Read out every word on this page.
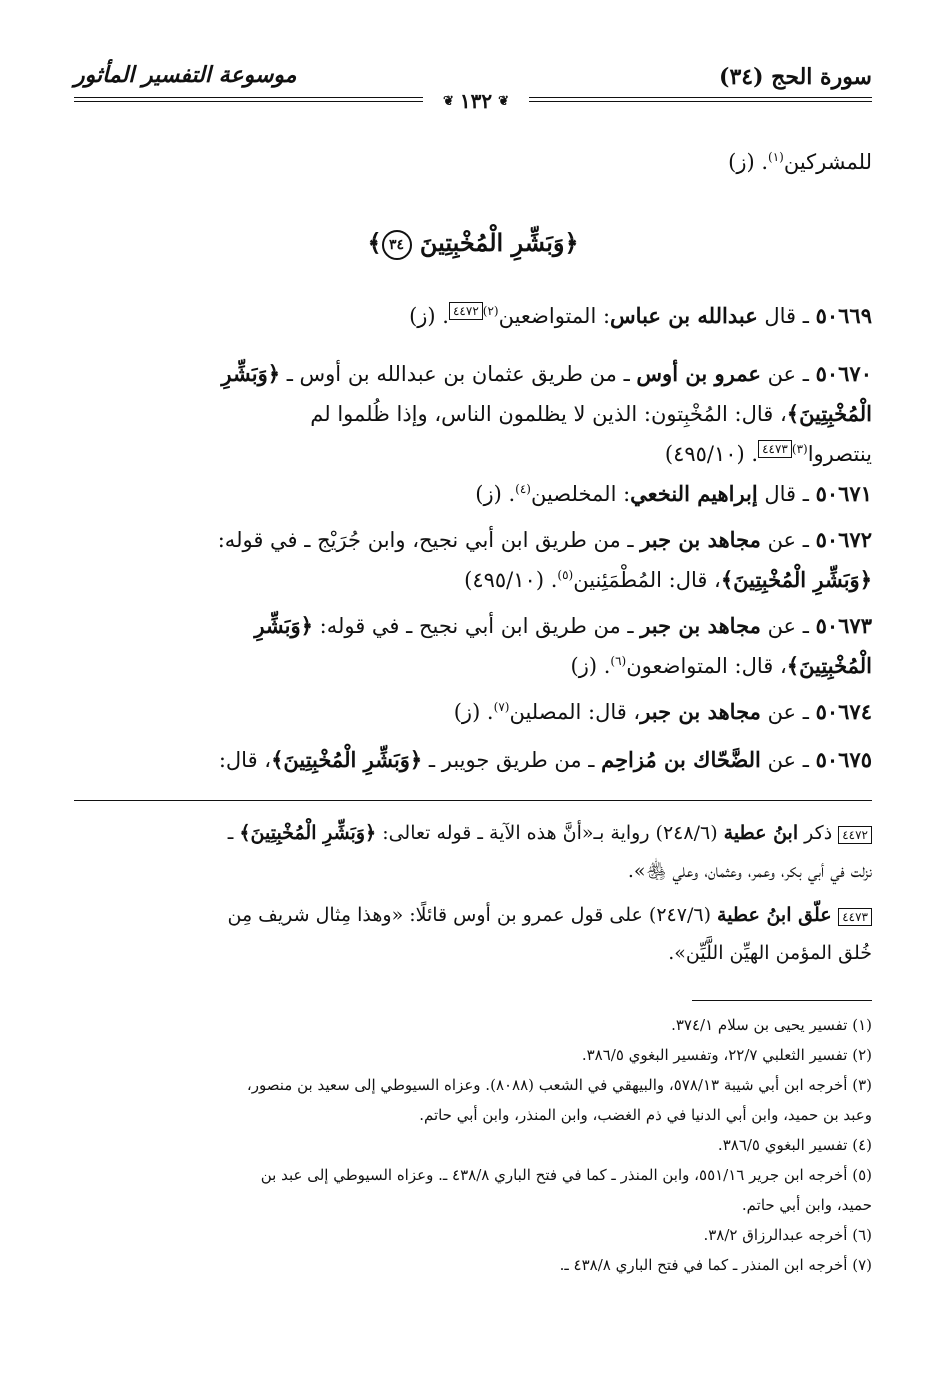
سورة الحج (٣٤)
موسوعة التفسير المأثور
❦
١٣٢
❦
للمشركين$^{(١)}$. (ز)
﴿وَبَشِّرِ الْمُخْبِتِينَ ٣٤﴾
٥٠٦٦٩ ـ قال عبدالله بن عباس: المتواضعين$^{(٢)}$٤٤٧٢. (ز)
٥٠٦٧٠ ـ عن عمرو بن أوس ـ من طريق عثمان بن عبدالله بن أوس ـ ﴿وَبَشِّرِ
الْمُخْبِتِينَ﴾، قال: المُخْبِتون: الذين لا يظلمون الناس، وإذا ظُلموا لم
ينتصروا$^{(٣)}$٤٤٧٣. (٤٩٥/١٠)
٥٠٦٧١ ـ قال إبراهيم النخعي: المخلصين$^{(٤)}$. (ز)
٥٠٦٧٢ ـ عن مجاهد بن جبر ـ من طريق ابن أبي نجيح، وابن جُرَيْج ـ في قوله:
﴿وَبَشِّرِ الْمُخْبِتِينَ﴾، قال: المُطْمَئِنين$^{(٥)}$. (٤٩٥/١٠)
٥٠٦٧٣ ـ عن مجاهد بن جبر ـ من طريق ابن أبي نجيح ـ في قوله: ﴿وَبَشِّرِ
الْمُخْبِتِينَ﴾، قال: المتواضعون$^{(٦)}$. (ز)
٥٠٦٧٤ ـ عن مجاهد بن جبر، قال: المصلين$^{(٧)}$. (ز)
٥٠٦٧٥ ـ عن الضَّحّاك بن مُزاحِم ـ من طريق جويبر ـ ﴿وَبَشِّرِ الْمُخْبِتِينَ﴾، قال:
٤٤٧٢ ذكر ابنُ عطية (٢٤٨/٦) رواية بـ«أنَّ هذه الآية ـ قوله تعالى: ﴿وَبَشِّرِ الْمُخْبِتِينَ﴾ ـ
نزلت في أبي بكر، وعمر، وعثمان، وعلي ﵃».
٤٤٧٣ علّق ابنُ عطية (٢٤٧/٦) على قول عمرو بن أوس قائلًا: «وهذا مِثال شريف مِن
خُلق المؤمن الهيِّن اللَّيِّن».
(١) تفسير يحيى بن سلام ٣٧٤/١.
(٢) تفسير الثعلبي ٢٢/٧، وتفسير البغوي ٣٨٦/٥.
(٣) أخرجه ابن أبي شيبة ٥٧٨/١٣، والبيهقي في الشعب (٨٠٨٨). وعزاه السيوطي إلى سعيد بن منصور،
وعبد بن حميد، وابن أبي الدنيا في ذم الغضب، وابن المنذر، وابن أبي حاتم.
(٤) تفسير البغوي ٣٨٦/٥.
(٥) أخرجه ابن جرير ٥٥١/١٦، وابن المنذر ـ كما في فتح الباري ٤٣٨/٨ ـ. وعزاه السيوطي إلى عبد بن
حميد، وابن أبي حاتم.
(٦) أخرجه عبدالرزاق ٣٨/٢.
(٧) أخرجه ابن المنذر ـ كما في فتح الباري ٤٣٨/٨ ـ.
